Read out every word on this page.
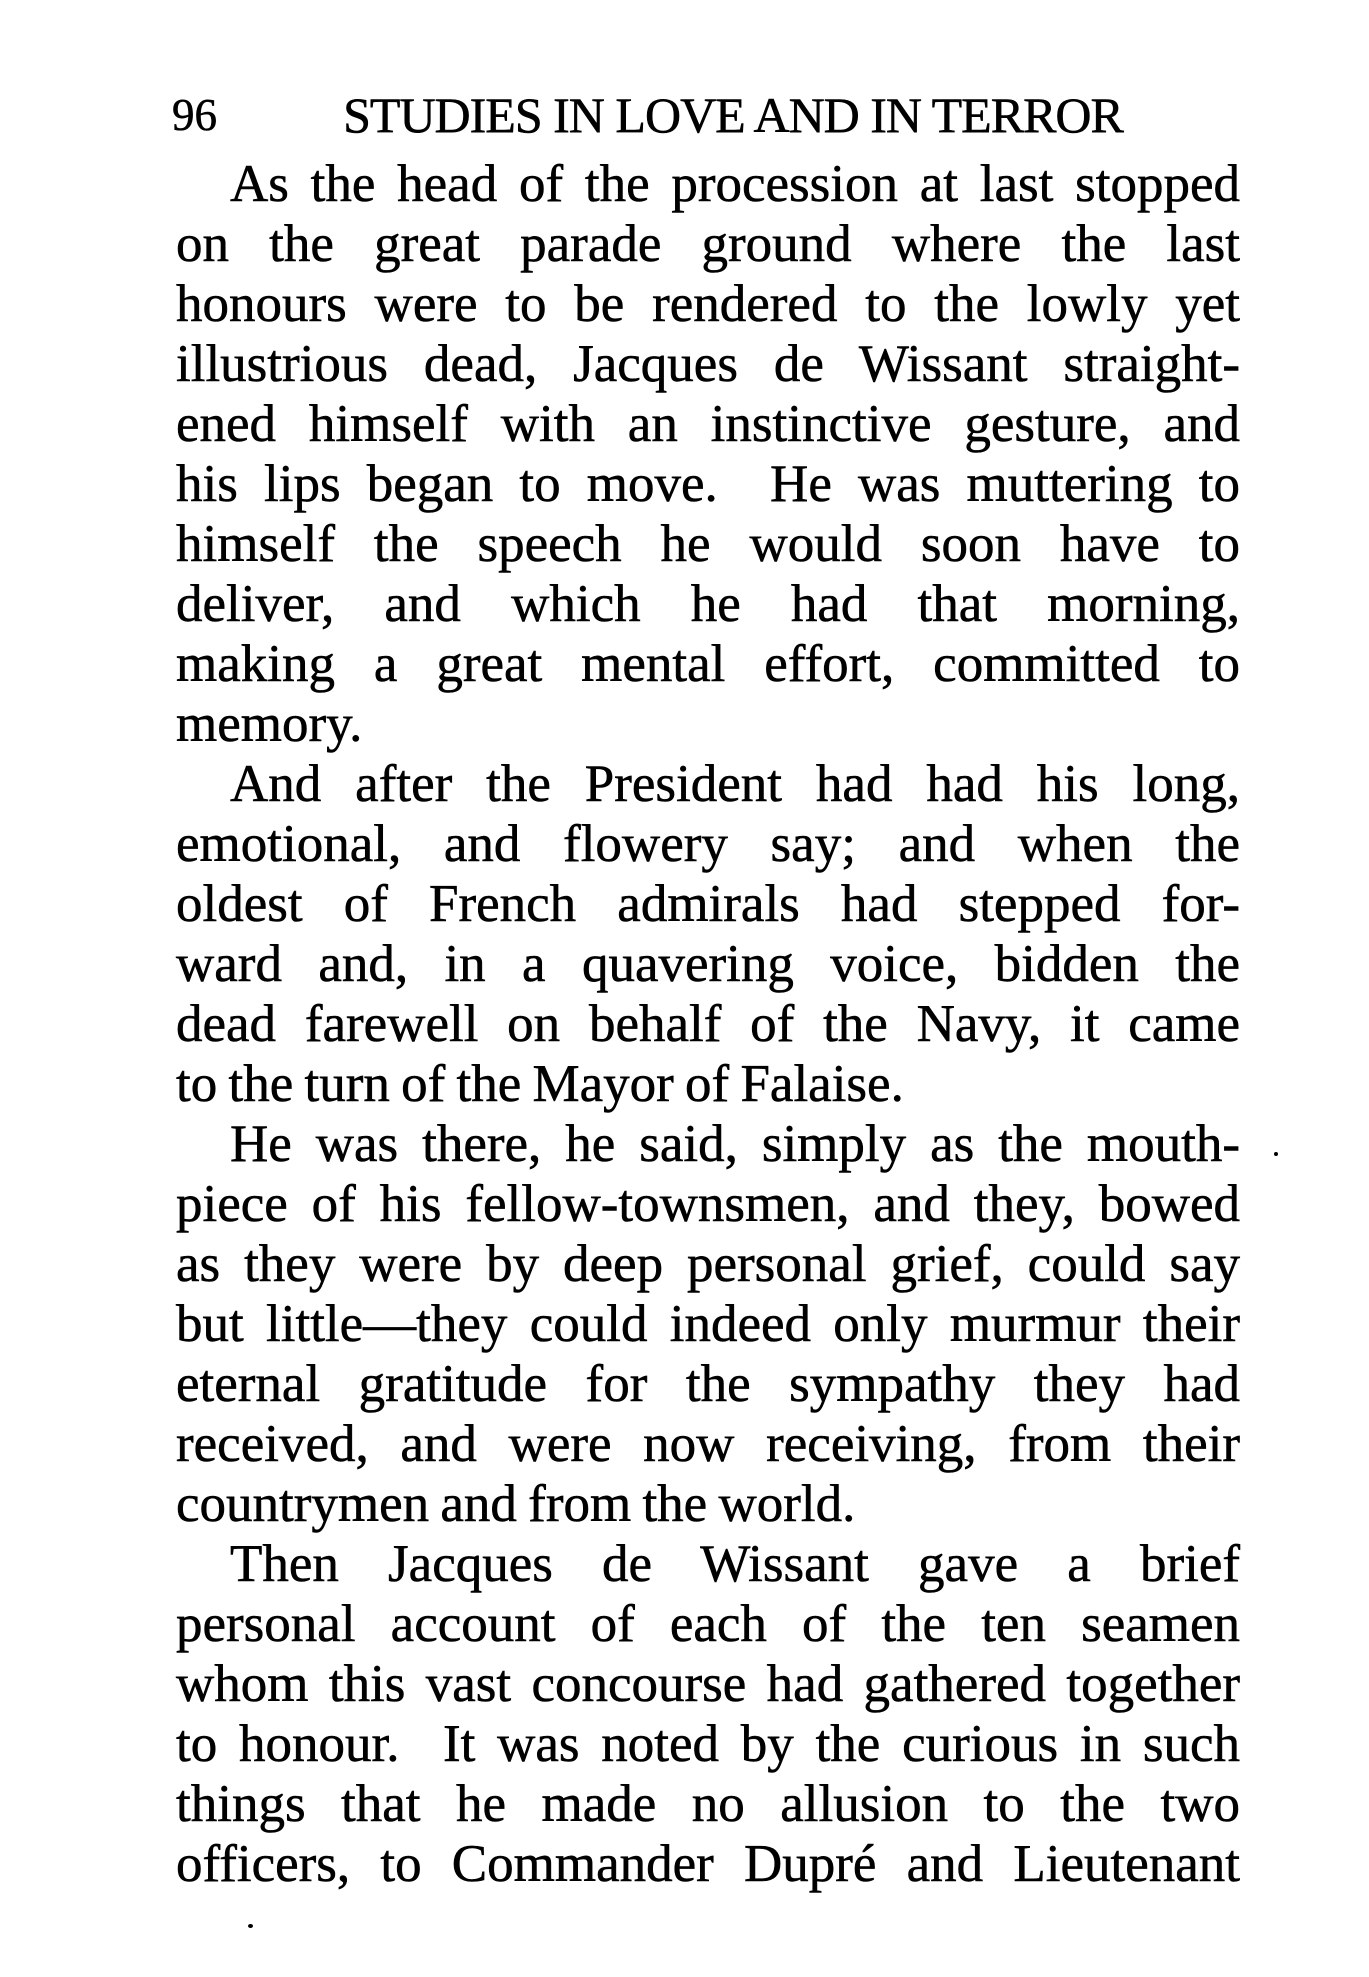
96	STUDIES IN LOVE AND IN TERROR
As the head of the procession at last stopped
on the great parade ground where the last
honours were to be rendered to the lowly yet
illustrious dead, Jacques de Wissant straight-
ened himself with an instinctive gesture, and
his lips began to move.  He was muttering to
himself the speech he would soon have to
deliver, and which he had that morning,
making a great mental effort, committed to
memory.
And after the President had had his long,
emotional, and flowery say; and when the
oldest of French admirals had stepped for-
ward and, in a quavering voice, bidden the
dead farewell on behalf of the Navy, it came
to the turn of the Mayor of Falaise.
He was there, he said, simply as the mouth-
piece of his fellow-townsmen, and they, bowed
as they were by deep personal grief, could say
but little—they could indeed only murmur their
eternal gratitude for the sympathy they had
received, and were now receiving, from their
countrymen and from the world.
Then Jacques de Wissant gave a brief
personal account of each of the ten seamen
whom this vast concourse had gathered together
to honour.  It was noted by the curious in such
things that he made no allusion to the two
officers, to Commander Dupré and Lieutenant
